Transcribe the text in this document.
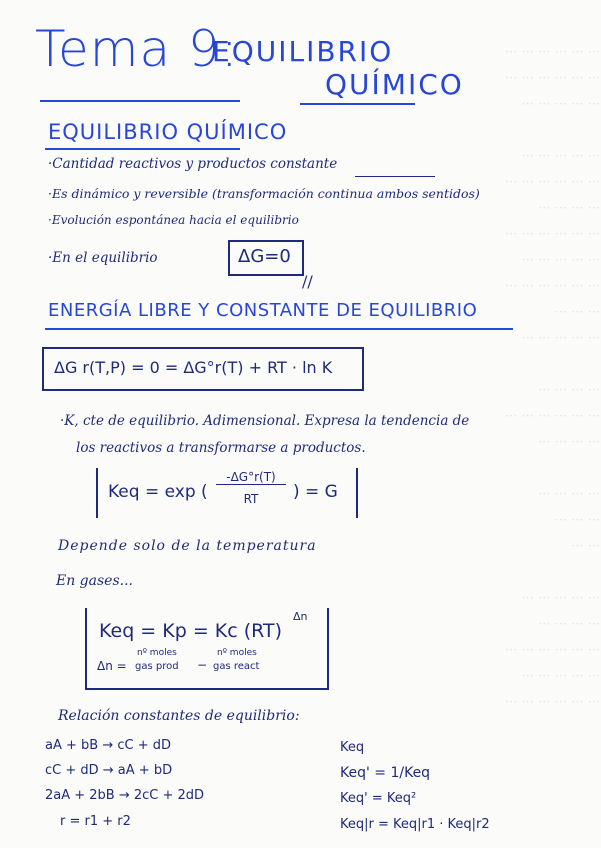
··· ··· ··· ··· ··· ···
··· ··· ··· ··· ··· ···
··· ··· ··· ··· ···

··· ··· ··· ··· ···
··· ··· ··· ··· ··· ···
··· ··· ··· ···
··· ··· ··· ··· ··· ···
··· ··· ··· ··· ···
··· ··· ··· ··· ··· ···
··· ··· ···
··· ··· ··· ··· ···

··· ··· ··· ···
··· ··· ··· ··· ··· ···
··· ··· ··· ···

··· ··· ··· ···
··· ··· ···
··· ···

··· ··· ··· ··· ···
··· ··· ··· ···
··· ··· ··· ··· ··· ···
··· ··· ··· ··· ···
··· ··· ··· ··· ··· ···
Tema 9:
EQUILIBRIO
QUÍMICO
EQUILIBRIO QUÍMICO
·Cantidad reactivos y productos constante
·Es dinámico y reversible (transformación continua ambos sentidos)
·Evolución espontánea hacia el equilibrio
·En el equilibrio	ΔG=0
//
ENERGÍA LIBRE Y CONSTANTE DE EQUILIBRIO
ΔG r(T,P) = 0 = ΔG°r(T) + RT · ln K
·K, cte de equilibrio. Adimensional. Expresa la tendencia de
los reactivos a transformarse a productos.
Keq = exp (
-ΔG°r(T)
RT	) = G
Depende solo de la temperatura
En gases...
Keq = Kp = Kc (RT)
Δn
Δn =
nº moles
gas prod −
nº moles
gas react
Relación constantes de equilibrio:
aA + bB → cC + dD
cC + dD → aA + bD
2aA + 2bB → 2cC + 2dD
r = r1 + r2
Keq
Keq' = 1/Keq
Keq' = Keq²
Keq|r = Keq|r1 · Keq|r2
